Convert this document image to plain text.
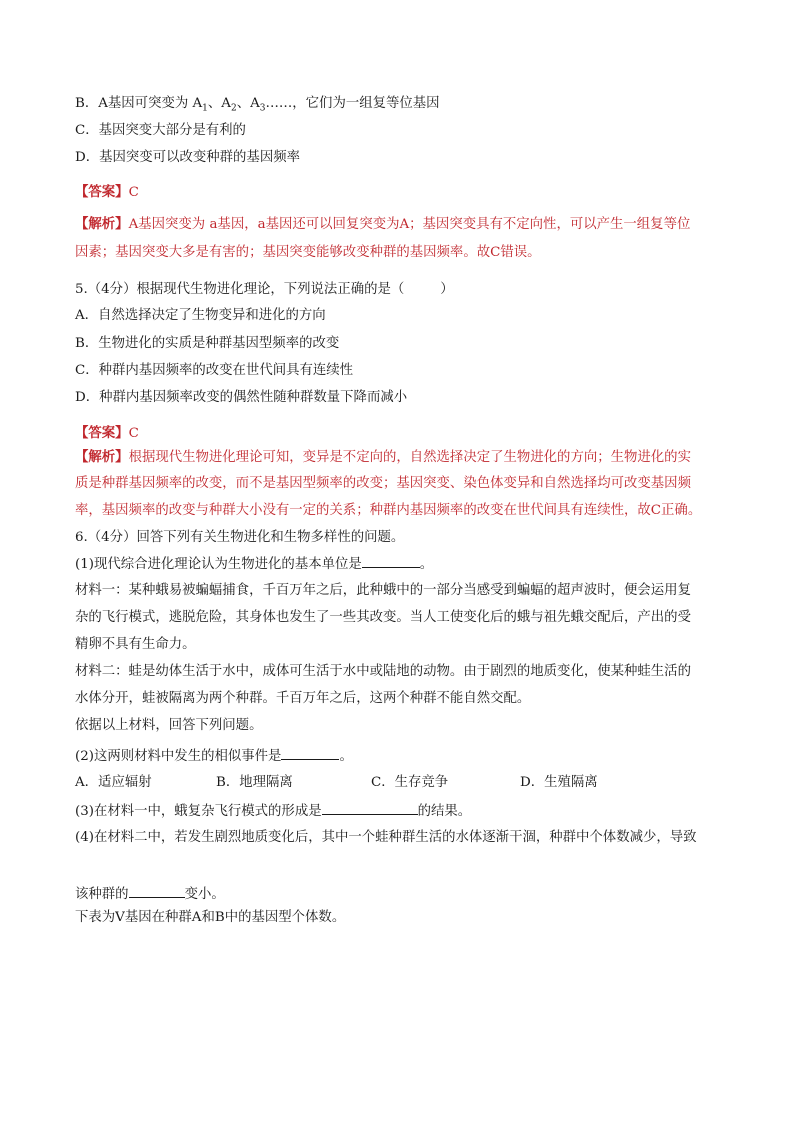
B．A基因可突变为 $A_1$、$A_2$、$A_3\dots\dots$，它们为一组复等位基因
C．基因突变大部分是有利的
D．基因突变可以改变种群的基因频率
【答案】C
【解析】A基因突变为 a基因，a基因还可以回复突变为A；基因突变具有不定向性，可以产生一组复等位
因素；基因突变大多是有害的；基因突变能够改变种群的基因频率。故C错误。
5.（4分）根据现代生物进化理论，下列说法正确的是（	）
A．自然选择决定了生物变异和进化的方向
B．生物进化的实质是种群基因型频率的改变
C．种群内基因频率的改变在世代间具有连续性
D．种群内基因频率改变的偶然性随种群数量下降而减小
【答案】C
【解析】根据现代生物进化理论可知，变异是不定向的，自然选择决定了生物进化的方向；生物进化的实
质是种群基因频率的改变，而不是基因型频率的改变；基因突变、染色体变异和自然选择均可改变基因频
率，基因频率的改变与种群大小没有一定的关系；种群内基因频率的改变在世代间具有连续性，故C正确。
6.（4分）回答下列有关生物进化和生物多样性的问题。
(1)现代综合进化理论认为生物进化的基本单位是	。
材料一：某种蛾易被蝙蝠捕食，千百万年之后，此种蛾中的一部分当感受到蝙蝠的超声波时，便会运用复
杂的飞行模式，逃脱危险，其身体也发生了一些其改变。当人工使变化后的蛾与祖先蛾交配后，产出的受
精卵不具有生命力。
材料二：蛙是幼体生活于水中，成体可生活于水中或陆地的动物。由于剧烈的地质变化，使某种蛙生活的
水体分开，蛙被隔离为两个种群。千百万年之后，这两个种群不能自然交配。
依据以上材料，回答下列问题。
(2)这两则材料中发生的相似事件是	。
A．适应辐射	B．地理隔离	C．生存竞争	D．生殖隔离
(3)在材料一中，蛾复杂飞行模式的形成是	的结果。
(4)在材料二中，若发生剧烈地质变化后，其中一个蛙种群生活的水体逐渐干涸，种群中个体数减少，导致
该种群的	变小。
下表为Ⅴ基因在种群A和B中的基因型个体数。
